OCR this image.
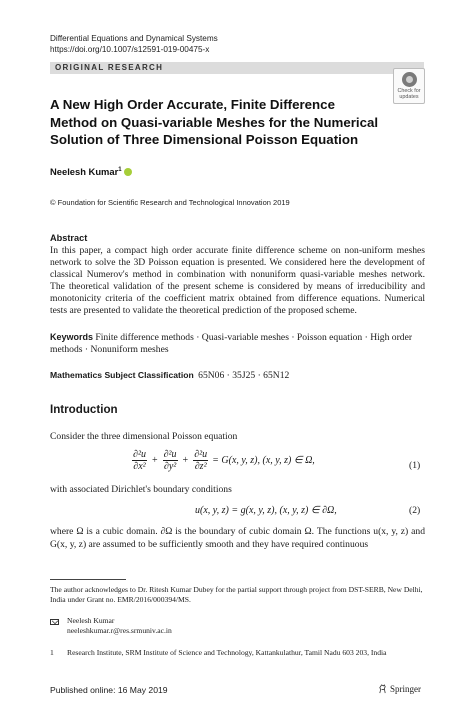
Differential Equations and Dynamical Systems
https://doi.org/10.1007/s12591-019-00475-x
ORIGINAL RESEARCH
Check for
updates
A New High Order Accurate, Finite Difference Method on Quasi-variable Meshes for the Numerical Solution of Three Dimensional Poisson Equation
Neelesh Kumar$^1$
© Foundation for Scientific Research and Technological Innovation 2019
Abstract
In this paper, a compact high order accurate finite difference scheme on non-uniform meshes network to solve the 3D Poisson equation is presented. We considered here the development of classical Numerov's method in combination with nonuniform quasi-variable meshes network. The theoretical validation of the present scheme is considered by means of irreducibility and monotonicity criteria of the coefficient matrix obtained from difference equations. Numerical tests are presented to validate the theoretical prediction of the proposed scheme.
Keywords Finite difference methods · Quasi-variable meshes · Poisson equation · High order methods · Nonuniform meshes
Mathematics Subject Classification 65N06 · 35J25 · 65N12
Introduction
Consider the three dimensional Poisson equation
$\frac{\text{∂²u}}{\text{∂x²}} + \frac{\text{∂²u}}{\text{∂y²}} + \frac{\text{∂²u}}{\text{∂z²}} = G(x$, y, z), (x, y, z) ∈ Ω,	(1)
with associated Dirichlet's boundary conditions
u(x, y, z) = g(x, y, z), (x, y, z) ∈ ∂Ω,	(2)
where Ω is a cubic domain. ∂Ω is the boundary of cubic domain Ω. The functions u(x, y, z) and G(x, y, z) are assumed to be sufficiently smooth and they have required continuous
The author acknowledges to Dr. Ritesh Kumar Dubey for the partial support through project from DST-SERB, New Delhi, India under Grant no. EMR/2016/000394/MS.
Neelesh Kumar
neeleshkumar.r@res.srmuniv.ac.in
1 Research Institute, SRM Institute of Science and Technology, Kattankulathur, Tamil Nadu 603 203, India
Published online: 16 May 2019	Springer
